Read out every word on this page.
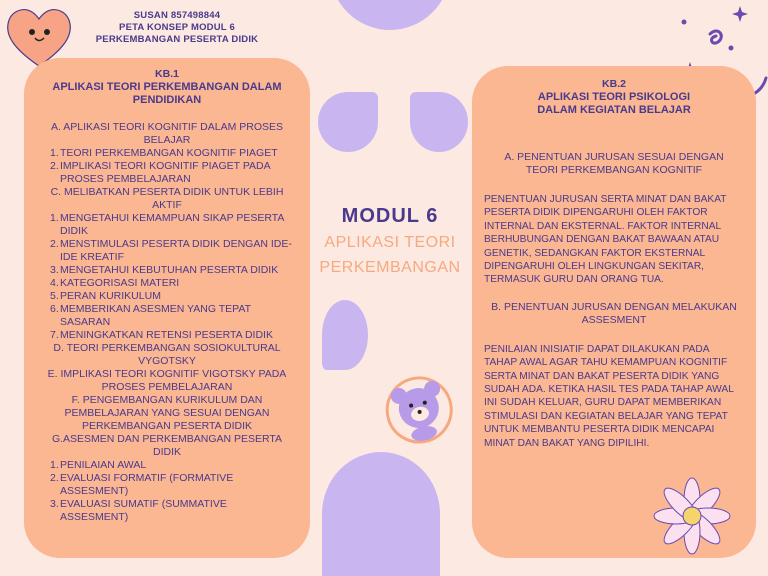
SUSAN 857498844
PETA KONSEP MODUL 6
PERKEMBANGAN PESERTA DIDIK
KB.1
APLIKASI TEORI PERKEMBANGAN DALAM PENDIDIKAN
A. APLIKASI TEORI KOGNITIF DALAM PROSES BELAJAR
1. TEORI PERKEMBANGAN KOGNITIF PIAGET
2. IMPLIKASI TEORI KOGNITIF PIAGET PADA PROSES PEMBELAJARAN
C. MELIBATKAN PESERTA DIDIK UNTUK LEBIH AKTIF
1. MENGETAHUI KEMAMPUAN SIKAP PESERTA DIDIK
2. MENSTIMULASI PESERTA DIDIK DENGAN IDE-IDE KREATIF
3. MENGETAHUI KEBUTUHAN PESERTA DIDIK
4. KATEGORISASI MATERI
5. PERAN KURIKULUM
6. MEMBERIKAN ASESMEN YANG TEPAT SASARAN
7. MENINGKATKAN RETENSI PESERTA DIDIK
D. TEORI PERKEMBANGAN SOSIOKULTURAL VYGOTSKY
E. IMPLIKASI TEORI KOGNITIF VIGOTSKY PADA PROSES PEMBELAJARAN
F. PENGEMBANGAN KURIKULUM DAN PEMBELAJARAN YANG SESUAI DENGAN PERKEMBANGAN PESERTA DIDIK
G.ASESMEN DAN PERKEMBANGAN PESERTA DIDIK
1. PENILAIAN AWAL
2. EVALUASI FORMATIF (FORMATIVE ASSESMENT)
3. EVALUASI SUMATIF (SUMMATIVE ASSESMENT)
MODUL 6
APLIKASI TEORI
PERKEMBANGAN
KB.2
APLIKASI TEORI PSIKOLOGI DALAM KEGIATAN BELAJAR
A. PENENTUAN JURUSAN SESUAI DENGAN TEORI PERKEMBANGAN KOGNITIF
PENENTUAN JURUSAN SERTA MINAT DAN BAKAT PESERTA DIDIK DIPENGARUHI OLEH FAKTOR INTERNAL DAN EKSTERNAL. FAKTOR INTERNAL BERHUBUNGAN DENGAN BAKAT BAWAAN ATAU GENETIK, SEDANGKAN FAKTOR EKSTERNAL DIPENGARUHI OLEH LINGKUNGAN SEKITAR, TERMASUK GURU DAN ORANG TUA.
B. PENENTUAN JURUSAN DENGAN MELAKUKAN ASSESMENT
PENILAIAN INISIATIF DAPAT DILAKUKAN PADA TAHAP AWAL AGAR TAHU KEMAMPUAN KOGNITIF SERTA MINAT DAN BAKAT PESERTA DIDIK YANG SUDAH ADA. KETIKA HASIL TES PADA TAHAP AWAL INI SUDAH KELUAR, GURU DAPAT MEMBERIKAN STIMULASI DAN KEGIATAN BELAJAR YANG TEPAT UNTUK MEMBANTU PESERTA DIDIK MENCAPAI MINAT DAN BAKAT YANG DIPILIHI.
